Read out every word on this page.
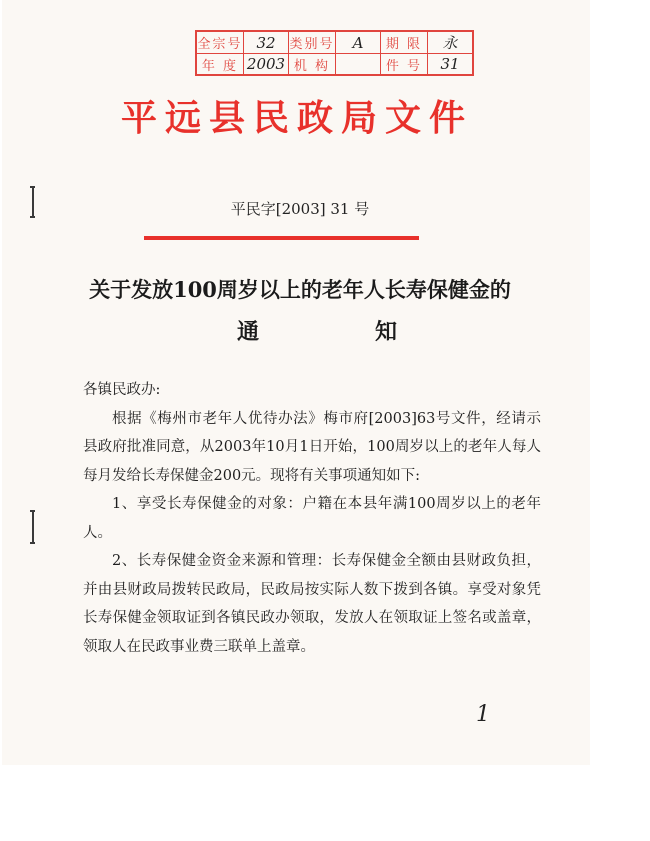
全宗号	32	类别号	A	期 限	永
年 度	2003	机 构		件 号	31
平远县民政局文件
平民字[2003] 31 号
关于发放100周岁以上的老年人长寿保健金的
通	知

各镇民政办:

根据《梅州市老年人优待办法》梅市府[2003]63号文件，经请示县政府批准同意，从2003年10月1日开始，100周岁以上的老年人每人每月发给长寿保健金200元。现将有关事项通知如下:

1、享受长寿保健金的对象：户籍在本县年满100周岁以上的老年人。

2、长寿保健金资金来源和管理：长寿保健金全额由县财政负担，并由县财政局拨转民政局，民政局按实际人数下拨到各镇。享受对象凭长寿保健金领取证到各镇民政办领取，发放人在领取证上签名或盖章，领取人在民政事业费三联单上盖章。

1
